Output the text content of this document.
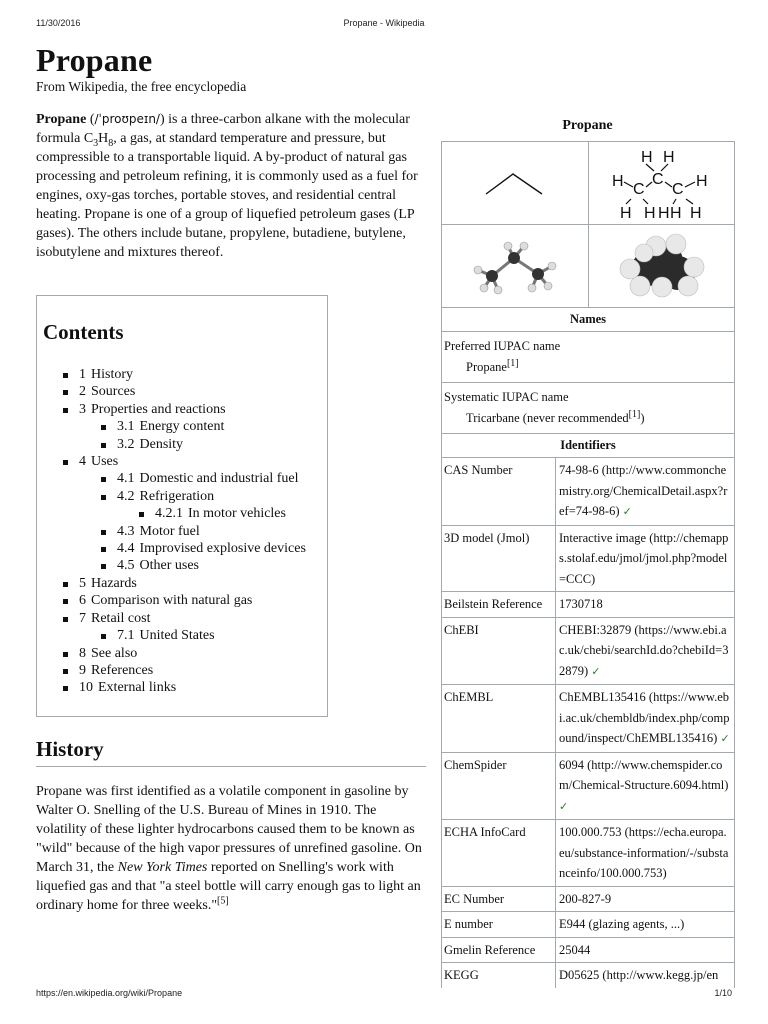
11/30/2016	Propane - Wikipedia
Propane
From Wikipedia, the free encyclopedia
Propane (/ˈproʊpeɪn/) is a three-carbon alkane with the molecular formula $C_3H_8$, a gas, at standard temperature and pressure, but compressible to a transportable liquid. A by-product of natural gas processing and petroleum refining, it is commonly used as a fuel for engines, oxy-gas torches, portable stoves, and residential central heating. Propane is one of a group of liquefied petroleum gases (LP gases). The others include butane, propylene, butadiene, butylene, isobutylene and mixtures thereof.
Contents
1 History
2 Sources
3 Properties and reactions
3.1 Energy content
3.2 Density
4 Uses
4.1 Domestic and industrial fuel
4.2 Refrigeration
4.2.1 In motor vehicles
4.3 Motor fuel
4.4 Improvised explosive devices
4.5 Other uses
5 Hazards
6 Comparison with natural gas
7 Retail cost
7.1 United States
8 See also
9 References
10 External links
History
Propane was first identified as a volatile component in gasoline by Walter O. Snelling of the U.S. Bureau of Mines in 1910. The volatility of these lighter hydrocarbons caused them to be known as "wild" because of the high vapor pressures of unrefined gasoline. On March 31, the New York Times reported on Snelling's work with liquefied gas and that "a steel bottle will carry enough gas to light an ordinary home for three weeks."[5]
Propane
H H
H C
C
C H
H H H H H
Names
Preferred IUPAC name
Propane[1]
Systematic IUPAC name
Tricarbane (never recommended[1])
Identifiers
CAS Number	74-98-6 (http://www.commonchemistry.org/ChemicalDetail.aspx?ref=74-98-6) ✓
3D model (Jmol)	Interactive image (http://chemapps.stolaf.edu/jmol/jmol.php?model=CCC)
Beilstein Reference	1730718
ChEBI	CHEBI:32879 (https://www.ebi.ac.uk/chebi/searchId.do?chebiId=32879) ✓
ChEMBL	ChEMBL135416 (https://www.ebi.ac.uk/chembldb/index.php/compound/inspect/ChEMBL135416) ✓
ChemSpider	6094 (http://www.chemspider.com/Chemical-Structure.6094.html) ✓
ECHA InfoCard	100.000.753 (https://echa.europa.eu/substance-information/-/substanceinfo/100.000.753)
EC Number	200-827-9
E number	E944 (glazing agents, ...)
Gmelin Reference	25044
KEGG	D05625 (http://www.kegg.jp/en
https://en.wikipedia.org/wiki/Propane	1/10
